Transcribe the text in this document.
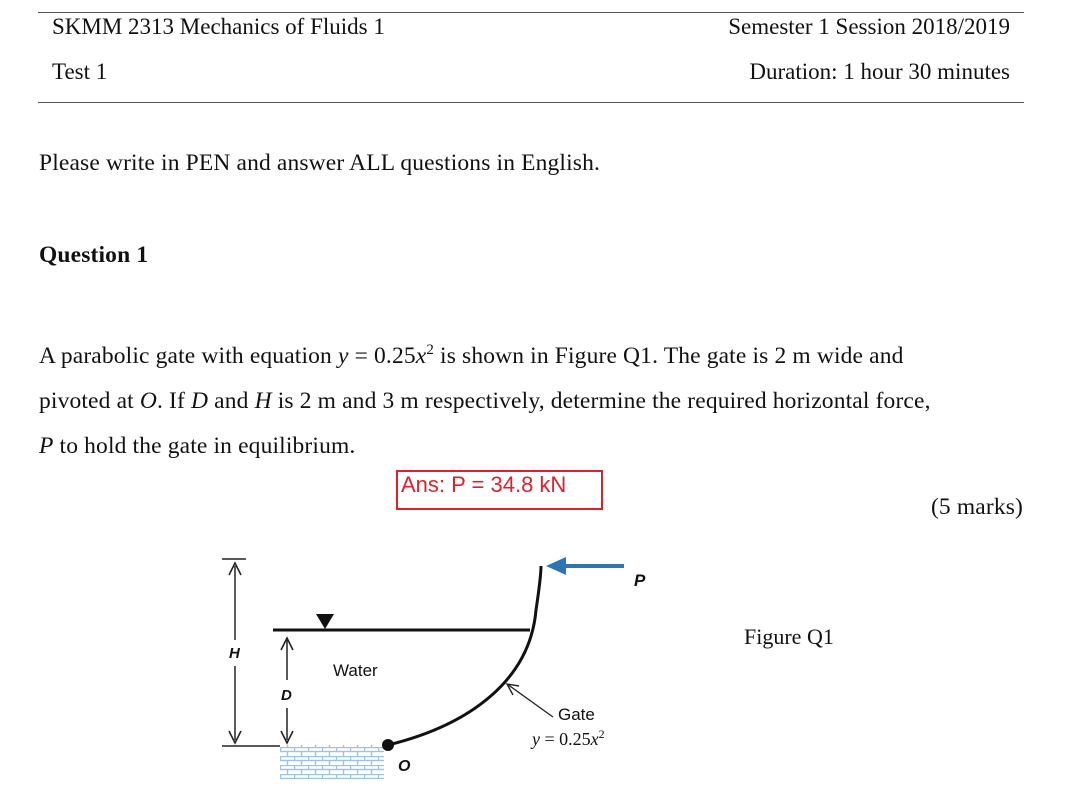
SKMM 2313 Mechanics of Fluids 1	Semester 1 Session 2018/2019
Test 1	Duration: 1 hour 30 minutes
Please write in PEN and answer ALL questions in English.
Question 1
A parabolic gate with equation $y = 0.25x^2$ is shown in Figure Q1. The gate is 2 m wide and
pivoted at O. If D and H is 2 m and 3 m respectively, determine the required horizontal force,
P to hold the gate in equilibrium.
Ans: P = 34.8 kN
(5 marks)
Figure Q1
H
D
Water
P
O
Gate
$y = 0.25x^2$
